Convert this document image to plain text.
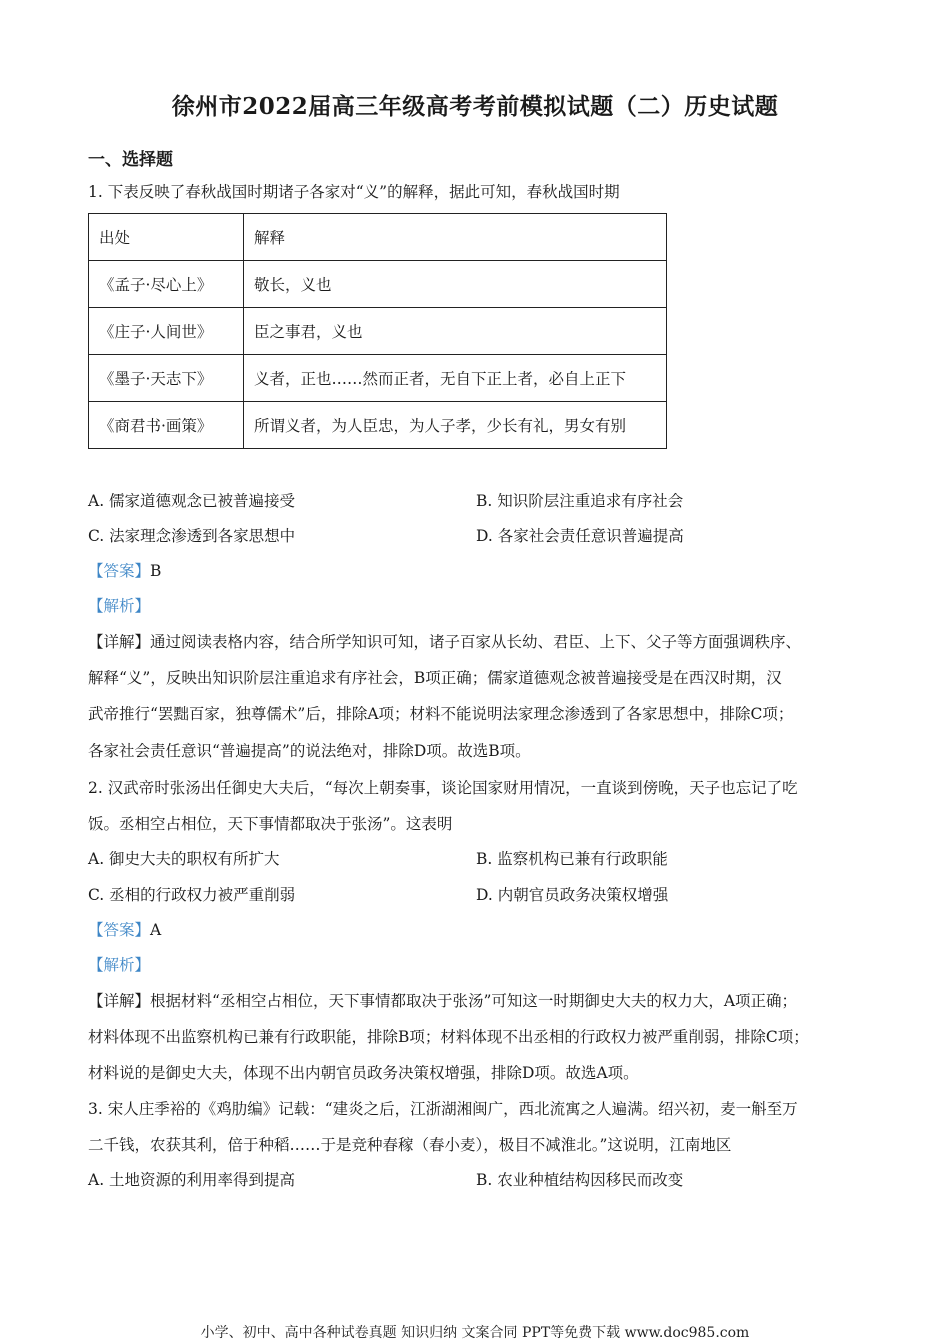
徐州市2022届高三年级高考考前模拟试题（二）历史试题
一、选择题
1. 下表反映了春秋战国时期诸子各家对“义”的解释，据此可知，春秋战国时期
出处	解释
《孟子·尽心上》	敬长，义也
《庄子·人间世》	臣之事君，义也
《墨子·天志下》	义者，正也……然而正者，无自下正上者，必自上正下
《商君书·画策》	所谓义者，为人臣忠，为人子孝，少长有礼，男女有别
A. 儒家道德观念已被普遍接受	B. 知识阶层注重追求有序社会
C. 法家理念渗透到各家思想中	D. 各家社会责任意识普遍提高
【答案】B
【解析】
【详解】通过阅读表格内容，结合所学知识可知，诸子百家从长幼、君臣、上下、父子等方面强调秩序、
解释“义”，反映出知识阶层注重追求有序社会，B项正确；儒家道德观念被普遍接受是在西汉时期，汉
武帝推行“罢黜百家，独尊儒术”后，排除A项；材料不能说明法家理念渗透到了各家思想中，排除C项；
各家社会责任意识“普遍提高”的说法绝对，排除D项。故选B项。
2. 汉武帝时张汤出任御史大夫后，“每次上朝奏事，谈论国家财用情况，一直谈到傍晚，天子也忘记了吃
饭。丞相空占相位，天下事情都取决于张汤”。这表明
A. 御史大夫的职权有所扩大	B. 监察机构已兼有行政职能
C. 丞相的行政权力被严重削弱	D. 内朝官员政务决策权增强
【答案】A
【解析】
【详解】根据材料“丞相空占相位，天下事情都取决于张汤”可知这一时期御史大夫的权力大，A项正确；
材料体现不出监察机构已兼有行政职能，排除B项；材料体现不出丞相的行政权力被严重削弱，排除C项；
材料说的是御史大夫，体现不出内朝官员政务决策权增强，排除D项。故选A项。
3. 宋人庄季裕的《鸡肋编》记载：“建炎之后，江浙湖湘闽广，西北流寓之人遍满。绍兴初，麦一斛至万
二千钱，农获其利，倍于种稻……于是竞种春稼（春小麦），极目不减淮北。”这说明，江南地区
A. 土地资源的利用率得到提高	B. 农业种植结构因移民而改变
小学、初中、高中各种试卷真题 知识归纳 文案合同 PPT等免费下载 www.doc985.com
